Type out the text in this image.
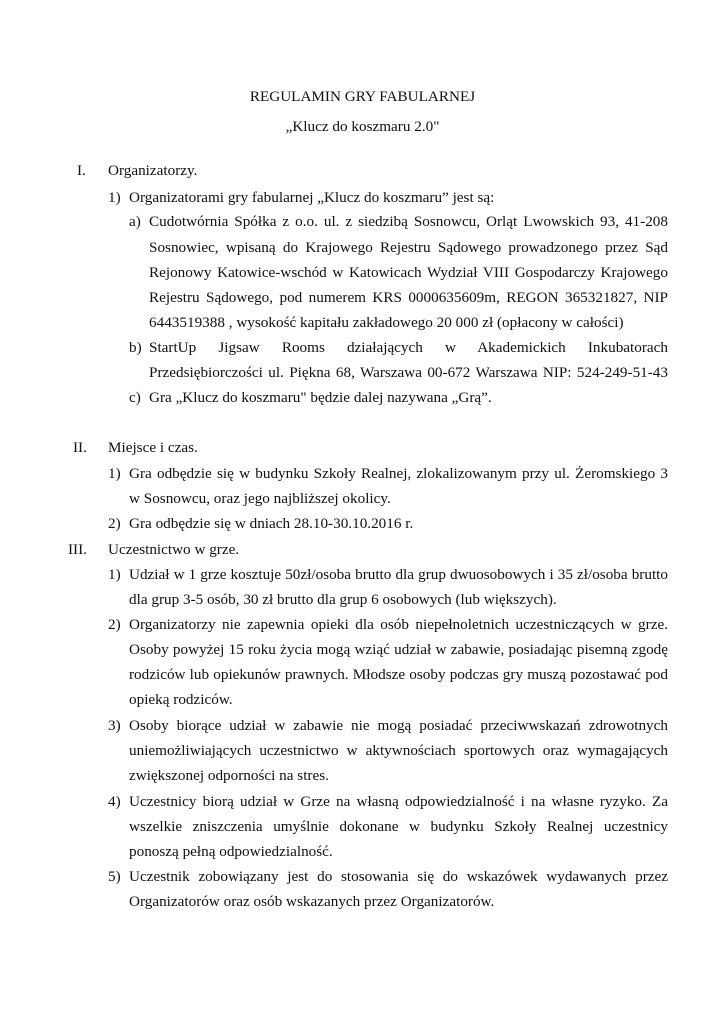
REGULAMIN GRY FABULARNEJ
„Klucz do koszmaru 2.0"
I. Organizatorzy.
1) Organizatorami gry fabularnej „Klucz do koszmaru” jest są:
a) Cudotwórnia Spółka z o.o. ul. z siedzibą Sosnowcu, Orląt Lwowskich 93, 41-208
Sosnowiec, wpisaną do Krajowego Rejestru Sądowego prowadzonego przez Sąd
Rejonowy Katowice-wschód w Katowicach Wydział VIII Gospodarczy Krajowego
Rejestru Sądowego, pod numerem KRS 0000635609m, REGON 365321827, NIP
6443519388 , wysokość kapitału zakładowego 20 000 zł (opłacony w całości)
b) StartUp Jigsaw Rooms działających w Akademickich Inkubatorach
Przedsiębiorczości ul. Piękna 68, Warszawa 00-672 Warszawa NIP: 524-249-51-43
c) Gra „Klucz do koszmaru" będzie dalej nazywana „Grą”.
II. Miejsce i czas.
1) Gra odbędzie się w budynku Szkoły Realnej, zlokalizowanym przy ul. Żeromskiego 3
w Sosnowcu, oraz jego najbliższej okolicy.
2) Gra odbędzie się w dniach 28.10-30.10.2016 r.
III. Uczestnictwo w grze.
1) Udział w 1 grze kosztuje 50zł/osoba brutto dla grup dwuosobowych i 35 zł/osoba brutto
dla grup 3-5 osób, 30 zł brutto dla grup 6 osobowych (lub większych).
2) Organizatorzy nie zapewnia opieki dla osób niepełnoletnich uczestniczących w grze.
Osoby powyżej 15 roku życia mogą wziąć udział w zabawie, posiadając pisemną zgodę
rodziców lub opiekunów prawnych. Młodsze osoby podczas gry muszą pozostawać pod
opieką rodziców.
3) Osoby biorące udział w zabawie nie mogą posiadać przeciwwskazań zdrowotnych
uniemożliwiających uczestnictwo w aktywnościach sportowych oraz wymagających
zwiększonej odporności na stres.
4) Uczestnicy biorą udział w Grze na własną odpowiedzialność i na własne ryzyko. Za
wszelkie zniszczenia umyślnie dokonane w budynku Szkoły Realnej uczestnicy
ponoszą pełną odpowiedzialność.
5) Uczestnik zobowiązany jest do stosowania się do wskazówek wydawanych przez
Organizatorów oraz osób wskazanych przez Organizatorów.
